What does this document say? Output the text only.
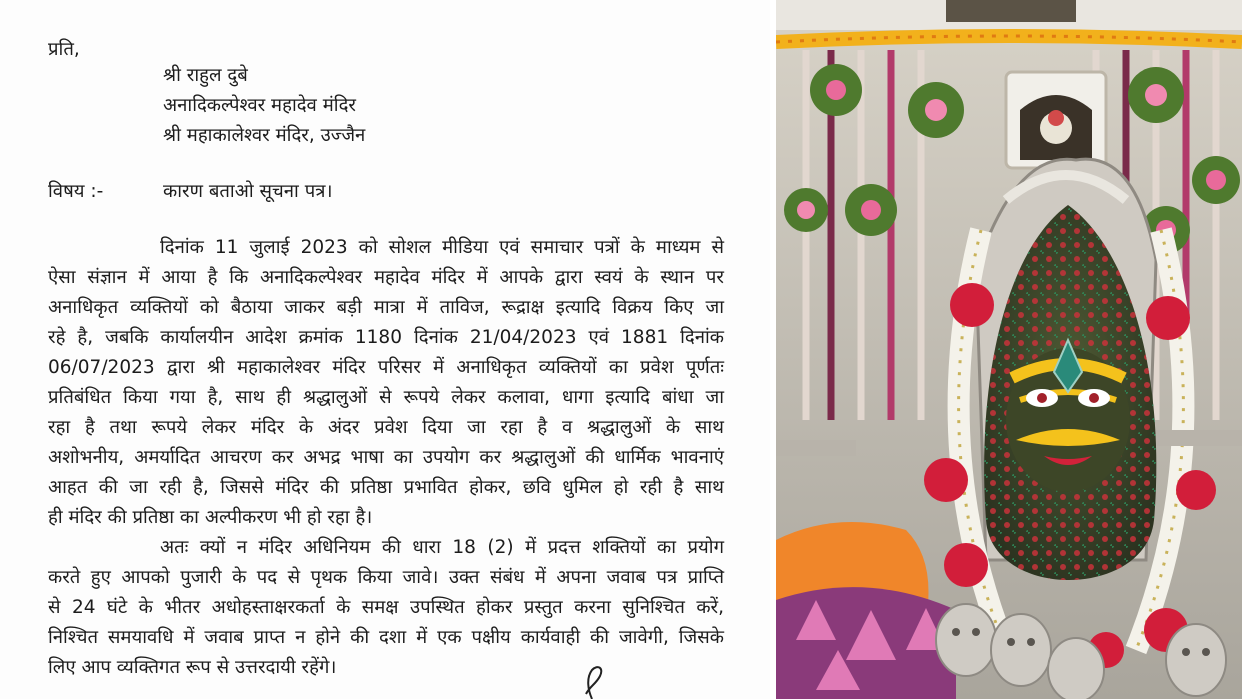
प्रति,
श्री राहुल दुबे
अनादिकल्पेश्वर महादेव मंदिर
श्री महाकालेश्वर मंदिर, उज्जैन
विषय :-	कारण बताओ सूचना पत्र।
दिनांक 11 जुलाई 2023 को सोशल मीडिया एवं समाचार पत्रों के माध्यम से
ऐसा संज्ञान में आया है कि अनादिकल्पेश्वर महादेव मंदिर में आपके द्वारा स्वयं के स्थान पर
अनाधिकृत व्यक्तियों को बैठाया जाकर बड़ी मात्रा में ताविज, रूद्राक्ष इत्यादि विक्रय किए जा
रहे है, जबकि कार्यालयीन आदेश क्रमांक 1180 दिनांक 21/04/2023 एवं 1881 दिनांक
06/07/2023 द्वारा श्री महाकालेश्वर मंदिर परिसर में अनाधिकृत व्यक्तियों का प्रवेश पूर्णतः
प्रतिबंधित किया गया है, साथ ही श्रद्धालुओं से रूपये लेकर कलावा, धागा इत्यादि बांधा जा
रहा है तथा रूपये लेकर मंदिर के अंदर प्रवेश दिया जा रहा है व श्रद्धालुओं के साथ
अशोभनीय, अमर्यादित आचरण कर अभद्र भाषा का उपयोग कर श्रद्धालुओं की धार्मिक भावनाएं
आहत की जा रही है, जिससे मंदिर की प्रतिष्ठा प्रभावित होकर, छवि धुमिल हो रही है साथ
ही मंदिर की प्रतिष्ठा का अल्पीकरण भी हो रहा है।
अतः क्यों न मंदिर अधिनियम की धारा 18 (2) में प्रदत्त शक्तियों का प्रयोग
करते हुए आपको पुजारी के पद से पृथक किया जावे। उक्त संबंध में अपना जवाब पत्र प्राप्ति
से 24 घंटे के भीतर अधोहस्ताक्षरकर्ता के समक्ष उपस्थित होकर प्रस्तुत करना सुनिश्चित करें,
निश्चित समयावधि में जवाब प्राप्त न होने की दशा में एक पक्षीय कार्यवाही की जावेगी, जिसके
लिए आप व्यक्तिगत रूप से उत्तरदायी रहेंगे।
